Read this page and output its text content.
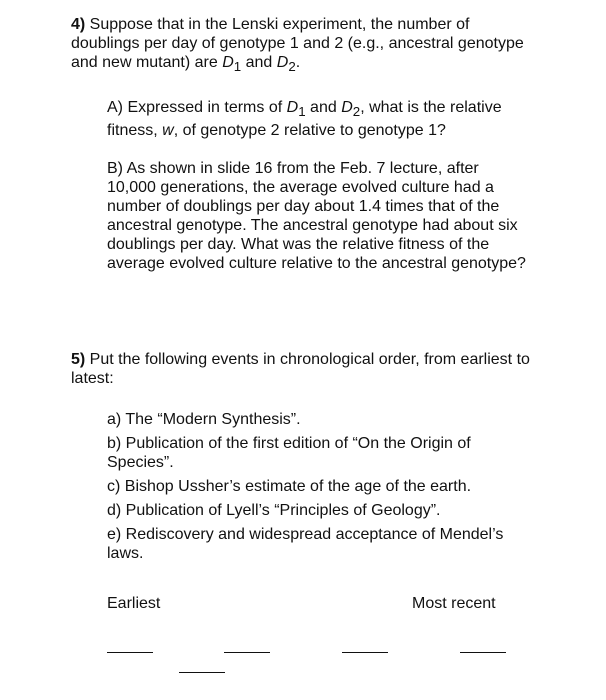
4) Suppose that in the Lenski experiment, the number of doublings per day of genotype 1 and 2 (e.g., ancestral genotype and new mutant) are $D_1$ and $D_2$.

A) Expressed in terms of $D_1$ and $D_2$, what is the relative fitness, w, of genotype 2 relative to genotype 1?

B) As shown in slide 16 from the Feb. 7 lecture, after 10,000 generations, the average evolved culture had a number of doublings per day about 1.4 times that of the ancestral genotype. The ancestral genotype had about six doublings per day. What was the relative fitness of the average evolved culture relative to the ancestral genotype?

5) Put the following events in chronological order, from earliest to latest:

a) The “Modern Synthesis”.

b) Publication of the first edition of “On the Origin of Species”.

c) Bishop Ussher’s estimate of the age of the earth.

d) Publication of Lyell’s “Principles of Geology”.

e) Rediscovery and widespread acceptance of Mendel’s laws.

Earliest	Most recent
